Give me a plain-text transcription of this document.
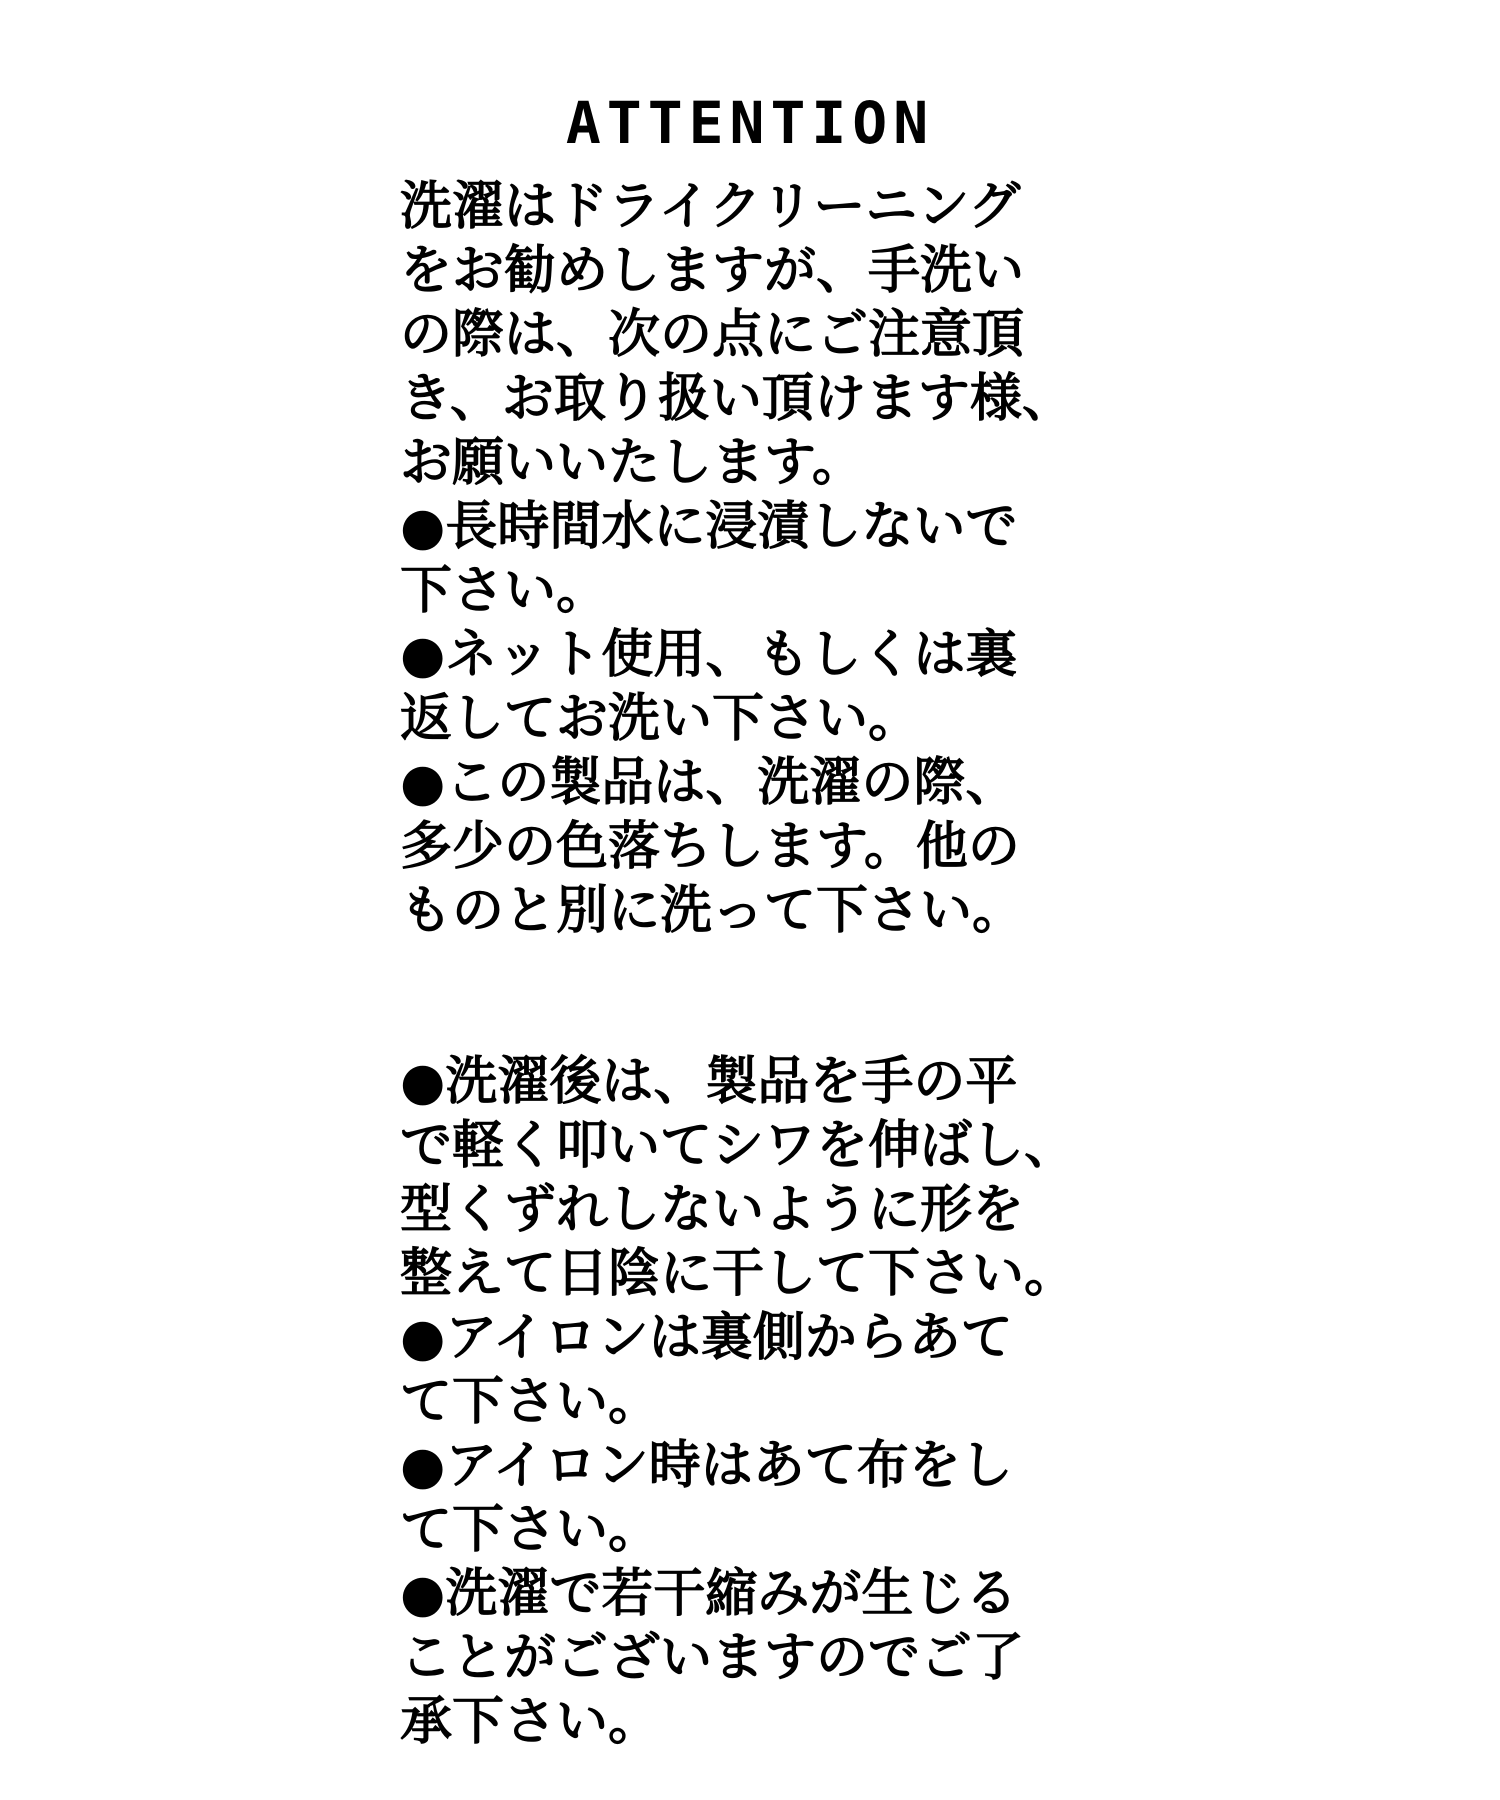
ATTENTION
洗濯はドライクリーニング
をお勧めしますが、手洗い
の際は、次の点にご注意頂
き、お取り扱い頂けます様、
お願いいたします。
●長時間水に浸漬しないで
下さい。
●ネット使用、もしくは裏
返してお洗い下さい。
●この製品は、洗濯の際、
多少の色落ちします。他の
ものと別に洗って下さい。
●洗濯後は、製品を手の平
で軽く叩いてシワを伸ばし、
型くずれしないように形を
整えて日陰に干して下さい。
●アイロンは裏側からあて
て下さい。
●アイロン時はあて布をし
て下さい。
●洗濯で若干縮みが生じる
ことがございますのでご了
承下さい。
